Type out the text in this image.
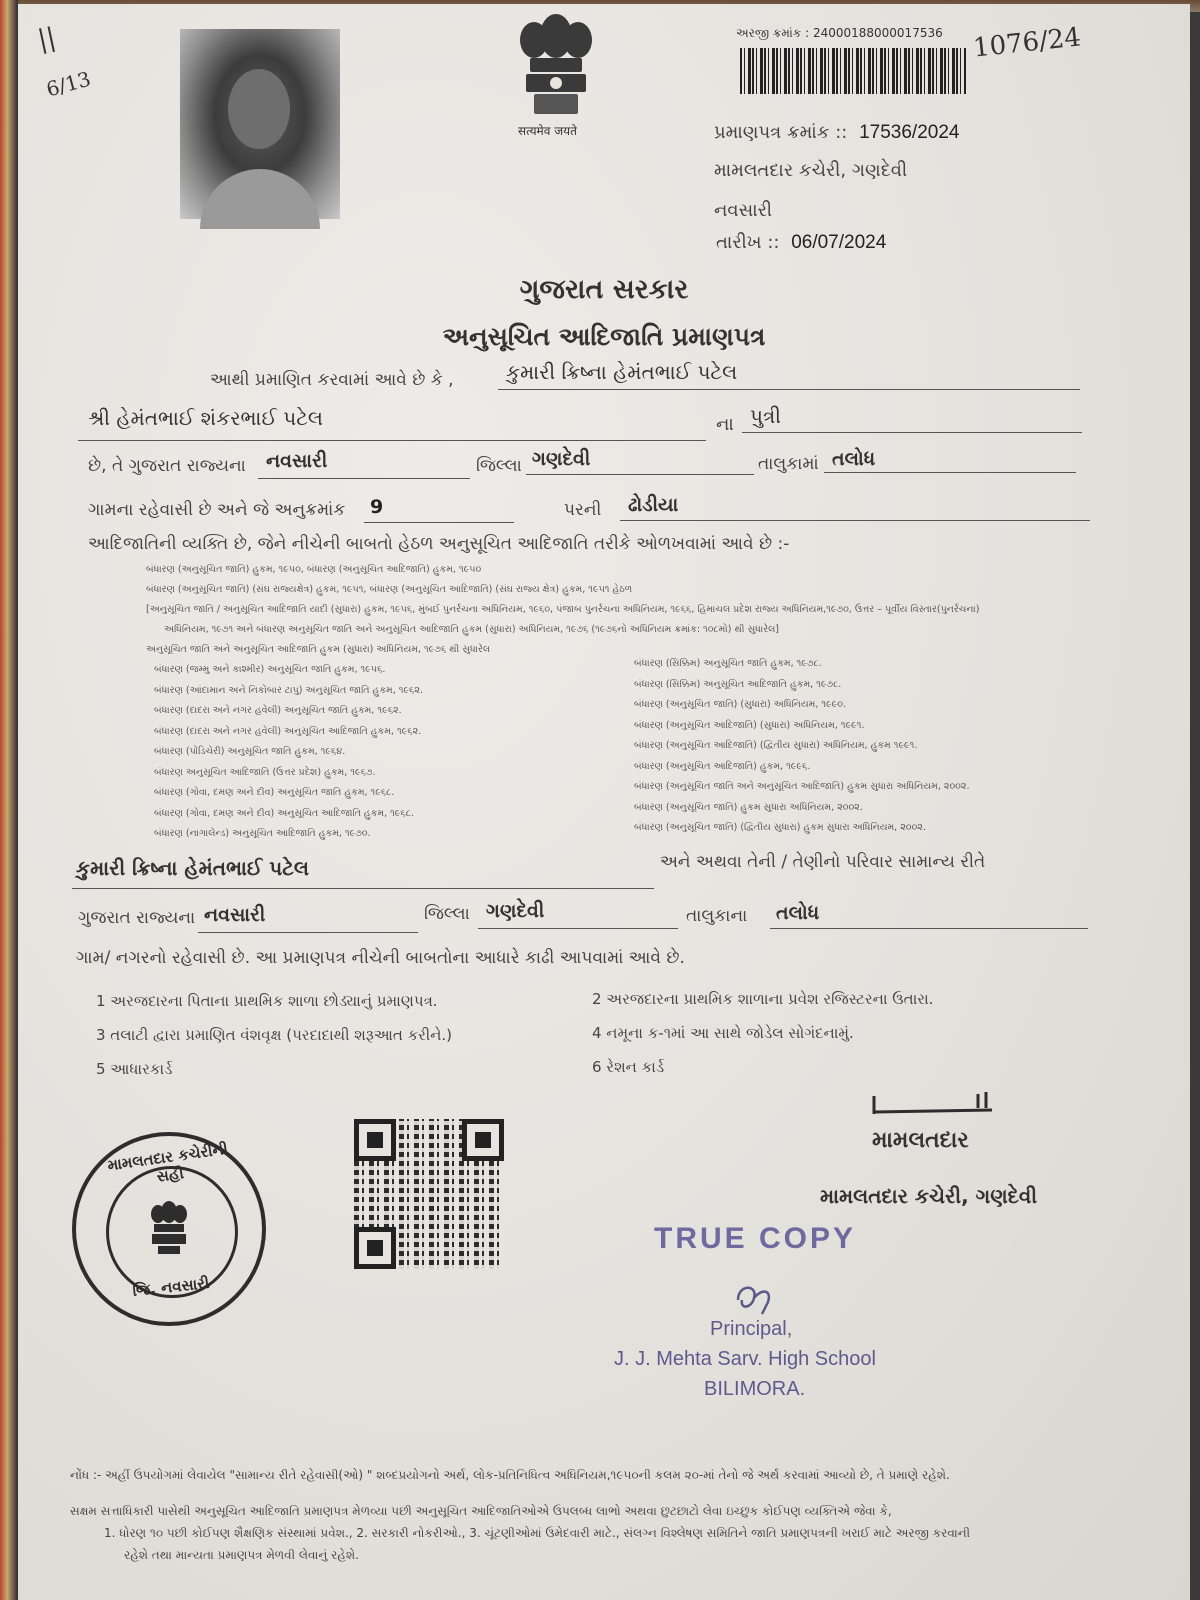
||
6/13
1076/24
सत्यमेव जयते
અરજી ક્રમાંક : 24000188000017536
પ્રમાણપત્ર ક્રમાંક :: 17536/2024
મામલતદાર કચેરી, ગણદેવી
નવસારી
તારીખ :: 06/07/2024
ગુજરાત સરકાર
અનુસૂચિત આદિજાતિ પ્રમાણપત્ર
આથી પ્રમાણિત કરવામાં આવે છે કે ,	કુમારી ક્રિષ્ના હેમંતભાઈ પટેલ
શ્રી હેમંતભાઈ શંકરભાઈ પટેલ	ના પુત્રી
છે, તે ગુજરાત રાજ્યના નવસારી	જિલ્લા ગણદેવી	તાલુકામાં તલોધ
ગામના રહેવાસી છે અને જે અનુક્રમાંક 9	પરની ઢોડીયા
આદિજાતિની વ્યક્તિ છે, જેને નીચેની બાબતો હેઠળ અનુસૂચિત આદિજાતિ તરીકે ઓળખવામાં આવે છે :-
બંધારણ (અનુસૂચિત જાતિ) હુકમ, ૧૯૫૦, બંધારણ (અનુસૂચિત આદિજાતિ) હુકમ, ૧૯૫૦
બંધારણ (અનુસૂચિત જાતિ) (સંઘ રાજ્યક્ષેત્ર) હુકમ, ૧૯૫૧, બંધારણ (અનુસૂચિત આદિજાતિ) (સંઘ રાજ્ય ક્ષેત્ર) હુકમ, ૧૯૫૧ હેઠળ
[અનુસૂચિત જાતિ / અનુસૂચિત આદિજાતિ યાદી (સુધારા) હુકમ, ૧૯૫૬, મુંબઈ પુનર્રચના અધિનિયમ, ૧૯૬૦, પંજાબ પુનર્રચના અધિનિયમ, ૧૯૬૬, હિમાચલ પ્રદેશ રાજ્ય અધિનિયમ,૧૯૭૦, ઉત્તર – પૂર્વીય વિસ્તાર(પુનર્રચના)
અધિનિયમ, ૧૯૭૧ અને બંધારણ અનુસૂચિત જાતિ અને અનુસૂચિત આદિજાતિ હુકમ (સુધારા) અધિનિયમ, ૧૯૭૬ (૧૯૭૬નો અધિનિયમ ક્રમાંક: ૧૦૮મો) થી સુધારેલ]
અનુસૂચિત જાતિ અને અનુસૂચિત આદિજાતિ હુકમ (સુધારા) અધિનિયમ, ૧૯૭૬ થી સુધારેલ
બંધારણ (જમ્મુ અને કાશ્મીર) અનુસૂચિત જાતિ હુકમ, ૧૯૫૬.
બંધારણ (આંદામાન અને નિકોબાર ટાપુ) અનુસૂચિત જાતિ હુકમ, ૧૯૬૨.
બંધારણ (દાદરા અને નગર હવેલી) અનુસૂચિત જાતિ હુકમ, ૧૯૬૨.
બંધારણ (દાદરા અને નગર હવેલી) અનુસૂચિત આદિજાતિ હુકમ, ૧૯૬૨.
બંધારણ (પોંડિચેરી) અનુસૂચિત જાતિ હુકમ, ૧૯૬૪.
બંધારણ અનુસૂચિત આદિજાતિ (ઉત્તર પ્રદેશ) હુકમ, ૧૯૬૭.
બંધારણ (ગોવા, દમણ અને દીવ) અનુસૂચિત જાતિ હુકમ, ૧૯૬૮.
બંધારણ (ગોવા, દમણ અને દીવ) અનુસૂચિત આદિજાતિ હુકમ, ૧૯૬૮.
બંધારણ (નાગાલેન્ડ) અનુસૂચિત આદિજાતિ હુકમ, ૧૯૭૦.
બંધારણ (સિક્કિમ) અનુસૂચિત જાતિ હુકમ, ૧૯૭૮.
બંધારણ (સિક્કિમ) અનુસૂચિત આદિજાતિ હુકમ, ૧૯૭૮.
બંધારણ (અનુસૂચિત જાતિ) (સુધારા) અધિનિયમ, ૧૯૯૦.
બંધારણ (અનુસૂચિત આદિજાતિ) (સુધારા) અધિનિયમ, ૧૯૯૧.
બંધારણ (અનુસૂચિત આદિજાતિ) (દ્વિતીય સુધારા) અધિનિયમ, હુકમ ૧૯૯૧.
બંધારણ (અનુસૂચિત આદિજાતિ) હુકમ, ૧૯૯૬.
બંધારણ (અનુસૂચિત જાતિ અને અનુસૂચિત આદિજાતિ) હુકમ સુધારા અધિનિયમ, ૨૦૦૨.
બંધારણ (અનુસૂચિત જાતિ) હુકમ સુધારા અધિનિયમ, ૨૦૦૨.
બંધારણ (અનુસૂચિત જાતિ) (દ્વિતીય સુધારા) હુકમ સુધારા અધિનિયમ, ૨૦૦૨.
કુમારી ક્રિષ્ના હેમંતભાઈ પટેલ	અને અથવા તેની / તેણીનો પરિવાર સામાન્ય રીતે
ગુજરાત રાજ્યના નવસારી	જિલ્લા ગણદેવી	તાલુકાના તલોધ
ગામ/ નગરનો રહેવાસી છે. આ પ્રમાણપત્ર નીચેની બાબતોના આધારે કાઢી આપવામાં આવે છે.
1 અરજદારના પિતાના પ્રાથમિક શાળા છોડ્યાનું પ્રમાણપત્ર.	2 અરજદારના પ્રાથમિક શાળાના પ્રવેશ રજિસ્ટરના ઉતારા.
3 તલાટી દ્વારા પ્રમાણિત વંશવૃક્ષ (પરદાદાથી શરૂઆત કરીને.)	4 નમૂના ક-૧માં આ સાથે જોડેલ સોગંદનામું.
5 આધારકાર્ડ	6 રેશન કાર્ડ
મામલતદાર
મામલતદાર કચેરી, ગણદેવી
મામલતદાર કચેરીની સહી
જિ. નવસારી
TRUE COPY
Principal,
J. J. Mehta Sarv. High School
BILIMORA.
નોંધ :- અહીં ઉપયોગમાં લેવાયેલ "સામાન્ય રીતે રહેવાસી(ઓ) " શબ્દપ્રયોગનો અર્થ, લોક-પ્રતિનિધિત્વ અધિનિયમ,૧૯૫૦ની કલમ ૨૦-માં તેનો જે અર્થ કરવામાં આવ્યો છે, તે પ્રમાણે રહેશે.
સક્ષમ સત્તાધિકારી પાસેથી અનુસૂચિત આદિજાતિ પ્રમાણપત્ર મેળવ્યા પછી અનુસૂચિત આદિજાતિઓએ ઉપલબ્ધ લાભો અથવા છુટછાટો લેવા ઇચ્છુક કોઈપણ વ્યક્તિએ જેવા કે,
1. ધોરણ ૧૦ પછી કોઈપણ શૈક્ષણિક સંસ્થામાં પ્રવેશ., 2. સરકારી નોકરીઓ., 3. ચૂંટણીઓમાં ઉમેદવારી માટે., સંલગ્ન વિશ્લેષણ સમિતિને જાતિ પ્રમાણપત્રની ખરાઈ માટે અરજી કરવાની
રહેશે તથા માન્યતા પ્રમાણપત્ર મેળવી લેવાનું રહેશે.
